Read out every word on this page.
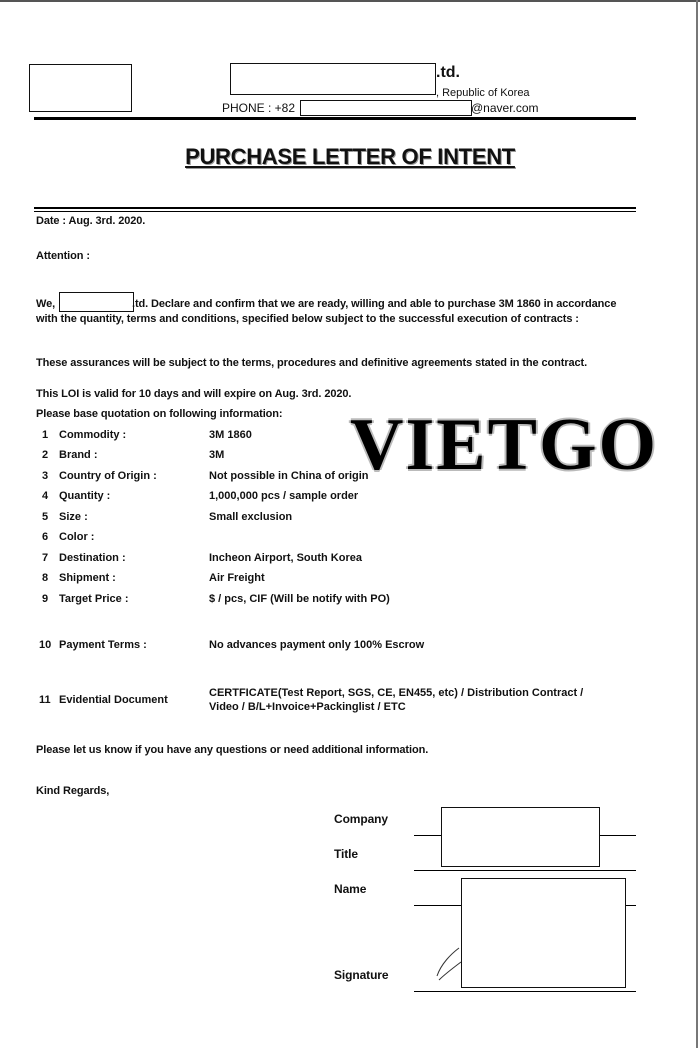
.td.
, Republic of Korea
PHONE : +82	@naver.com
PURCHASE LETTER OF INTENT
Date : Aug. 3rd. 2020.
Attention :
We,	.td. Declare and confirm that we are ready, willing and able to purchase 3M 1860 in accordance
with the quantity, terms and conditions, specified below subject to the successful execution of contracts :
These assurances will be subject to the terms, procedures and definitive agreements stated in the contract.
This LOI is valid for 10 days and will expire on Aug. 3rd. 2020.
Please base quotation on following information:
1 Commodity :	3M 1860
2 Brand :	3M
3 Country of Origin :	Not possible in China of origin
4 Quantity :	1,000,000 pcs / sample order
5 Size :	Small exclusion
6 Color :
7 Destination :	Incheon Airport, South Korea
8 Shipment :	Air Freight
9 Target Price :	$ / pcs, CIF (Will be notify with PO)
10 Payment Terms :	No advances payment only 100% Escrow
11 Evidential Document
CERTFICATE(Test Report, SGS, CE, EN455, etc) / Distribution Contract /
Video / B/L+Invoice+Packinglist / ETC
VIETGO
Please let us know if you have any questions or need additional information.
Kind Regards,
Company
Title
Name
Signature
